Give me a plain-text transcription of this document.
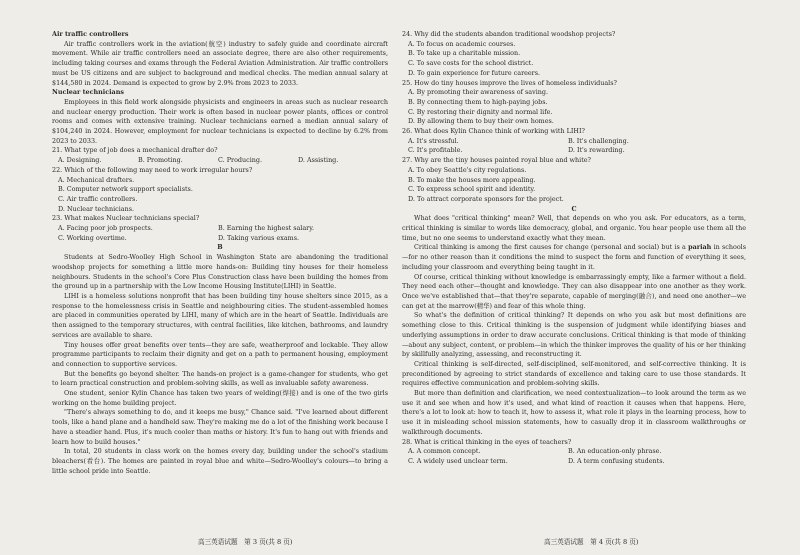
Air traffic controllers

Air traffic controllers work in the aviation(航空) industry to safely guide and coordinate aircraft movement. While air traffic controllers need an associate degree, there are also other requirements, including taking courses and exams through the Federal Aviation Administration. Air traffic controllers must be US citizens and are subject to background and medical checks. The median annual salary at $144,580 in 2024. Demand is expected to grow by 2.9% from 2023 to 2033.

Nuclear technicians

Employees in this field work alongside physicists and engineers in areas such as nuclear research and nuclear energy production. Their work is often based in nuclear power plants, offices or control rooms and comes with extensive training. Nuclear technicians earned a median annual salary of $104,240 in 2024. However, employment for nuclear technicians is expected to decline by 6.2% from 2023 to 2033.

21. What type of job does a mechanical drafter do?

A. Designing.	B. Promoting.	C. Producing.	D. Assisting.

22. Which of the following may need to work irregular hours?

A. Mechanical drafters.

B. Computer network support specialists.

C. Air traffic controllers.

D. Nuclear technicians.

23. What makes Nuclear technicians special?

A. Facing poor job prospects.	B. Earning the highest salary.
C. Working overtime.	D. Taking various exams.

B

Students at Sedro-Woolley High School in Washington State are abandoning the traditional woodshop projects for something a little more hands-on: Building tiny houses for their homeless neighbours. Students in the school's Core Plus Construction class have been building the homes from the ground up in a partnership with the Low Income Housing Institute(LIHI) in Seattle.

LIHI is a homeless solutions nonprofit that has been building tiny house shelters since 2015, as a response to the homelessness crisis in Seattle and neighbouring cities. The student-assembled homes are placed in communities operated by LIHI, many of which are in the heart of Seattle. Individuals are then assigned to the temporary structures, with central facilities, like kitchen, bathrooms, and laundry services are available to share.

Tiny houses offer great benefits over tents—they are safe, weatherproof and lockable. They allow programme participants to reclaim their dignity and get on a path to permanent housing, employment and connection to supportive services.

But the benefits go beyond shelter. The hands-on project is a game-changer for students, who get to learn practical construction and problem-solving skills, as well as invaluable safety awareness.

One student, senior Kylin Chance has taken two years of welding(焊接) and is one of the two girls working on the home building project.

"There's always something to do, and it keeps me busy," Chance said. "I've learned about different tools, like a hand plane and a handheld saw. They're making me do a lot of the finishing work because I have a steadier hand. Plus, it's much cooler than maths or history. It's fun to hang out with friends and learn how to build houses."

In total, 20 students in class work on the homes every day, building under the school's stadium bleachers(看台). The homes are painted in royal blue and white—Sedro-Woolley's colours—to bring a little school pride into Seattle.

高三英语试题　第 3 页(共 8 页)

24. Why did the students abandon traditional woodshop projects?

A. To focus on academic courses.

B. To take up a charitable mission.

C. To save costs for the school district.

D. To gain experience for future careers.

25. How do tiny houses improve the lives of homeless individuals?

A. By promoting their awareness of saving.

B. By connecting them to high-paying jobs.

C. By restoring their dignity and normal life.

D. By allowing them to buy their own homes.

26. What does Kylin Chance think of working with LIHI?

A. It's stressful.	B. It's challenging.
C. It's profitable.	D. It's rewarding.

27. Why are the tiny houses painted royal blue and white?

A. To obey Seattle's city regulations.

B. To make the houses more appealing.

C. To express school spirit and identity.

D. To attract corporate sponsors for the project.

C

What does "critical thinking" mean? Well, that depends on who you ask. For educators, as a term, critical thinking is similar to words like democracy, global, and organic. You hear people use them all the time, but no one seems to understand exactly what they mean.

Critical thinking is among the first causes for change (personal and social) but is a pariah in schools—for no other reason than it conditions the mind to suspect the form and function of everything it sees, including your classroom and everything being taught in it.

Of course, critical thinking without knowledge is embarrassingly empty, like a farmer without a field. They need each other—thought and knowledge. They can also disappear into one another as they work. Once we've established that—that they're separate, capable of merging(融合), and need one another—we can get at the marrow(精华) and fear of this whole thing.

So what's the definition of critical thinking? It depends on who you ask but most definitions are something close to this. Critical thinking is the suspension of judgment while identifying biases and underlying assumptions in order to draw accurate conclusions. Critical thinking is that mode of thinking—about any subject, content, or problem—in which the thinker improves the quality of his or her thinking by skillfully analyzing, assessing, and reconstructing it.

Critical thinking is self-directed, self-disciplined, self-monitored, and self-corrective thinking. It is preconditioned by agreeing to strict standards of excellence and taking care to use those standards. It requires effective communication and problem-solving skills.

But more than definition and clarification, we need contextualization—to look around the term as we use it and see when and how it's used, and what kind of reaction it causes when that happens. Here, there's a lot to look at: how to teach it, how to assess it, what role it plays in the learning process, how to use it in misleading school mission statements, how to casually drop it in classroom walkthroughs or walkthrough documents.

28. What is critical thinking in the eyes of teachers?

A. A common concept.	B. An education-only phrase.
C. A widely used unclear term.	D. A term confusing students.
高三英语试题　第 4 页(共 8 页)
